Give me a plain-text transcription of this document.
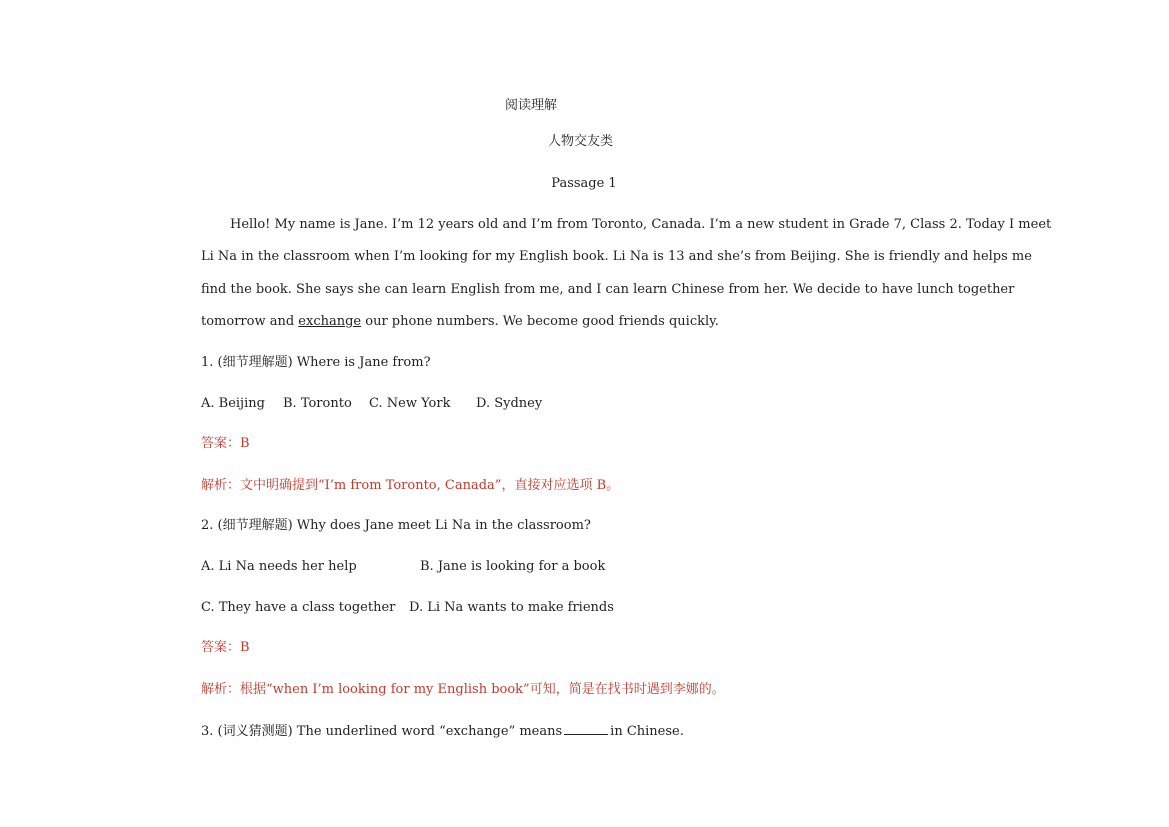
阅读理解
人物交友类
Passage 1
Hello! My name is Jane. I’m 12 years old and I’m from Toronto, Canada. I’m a new student in Grade 7, Class 2. Today I meet
Li Na in the classroom when I’m looking for my English book. Li Na is 13 and she’s from Beijing. She is friendly and helps me
find the book. She says she can learn English from me, and I can learn Chinese from her. We decide to have lunch together
tomorrow and exchange our phone numbers. We become good friends quickly.
1. (细节理解题) Where is Jane from?
A. Beijing B. Toronto C. New York D. Sydney
答案：B
解析：文中明确提到“I’m from Toronto, Canada”，直接对应选项 B。
2. (细节理解题) Why does Jane meet Li Na in the classroom?
A. Li Na needs her help	B. Jane is looking for a book
C. They have a class together D. Li Na wants to make friends
答案：B
解析：根据“when I’m looking for my English book”可知，简是在找书时遇到李娜的。
3. (词义猜测题) The underlined word “exchange” means	in Chinese.
